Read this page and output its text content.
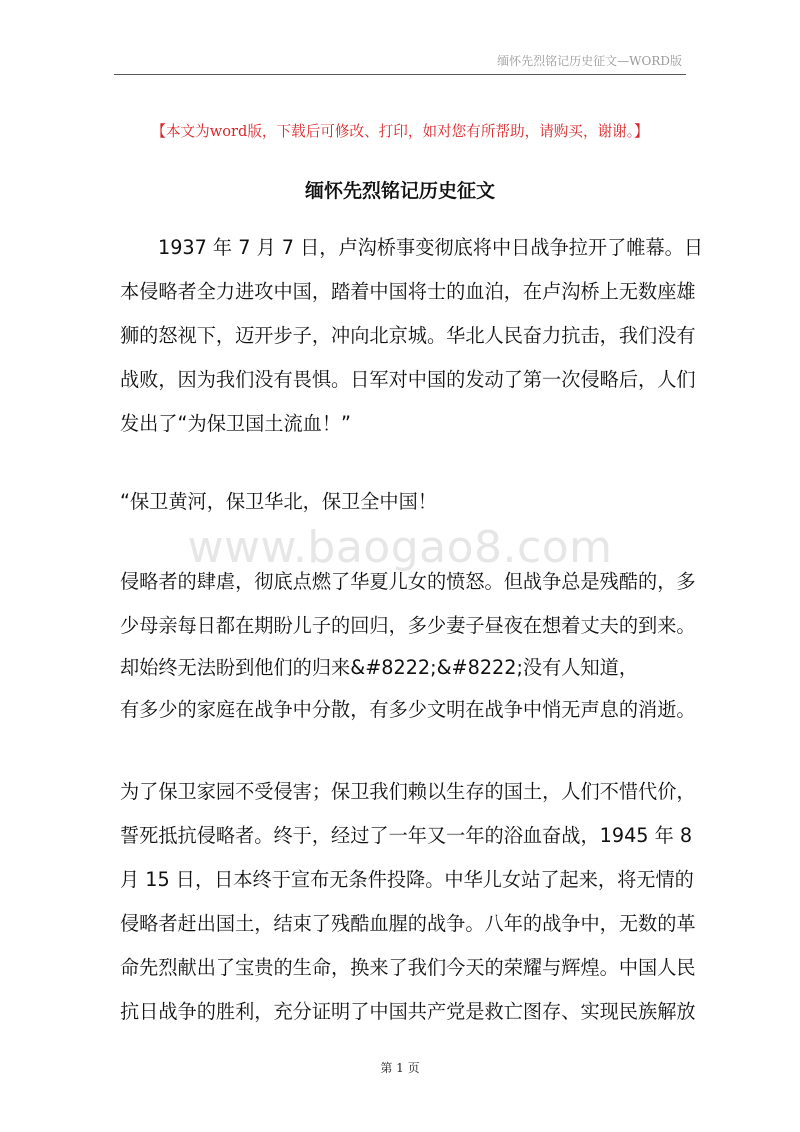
缅怀先烈铭记历史征文—WORD版
【本文为word版，下载后可修改、打印，如对您有所帮助，请购买，谢谢。】
缅怀先烈铭记历史征文
1937 年 7 月 7 日，卢沟桥事变彻底将中日战争拉开了帷幕。日
本侵略者全力进攻中国，踏着中国将士的血泊，在卢沟桥上无数座雄
狮的怒视下，迈开步子，冲向北京城。华北人民奋力抗击，我们没有
战败，因为我们没有畏惧。日军对中国的发动了第一次侵略后，人们
发出了“为保卫国土流血！”
“保卫黄河，保卫华北，保卫全中国！
www.baogao8.com
侵略者的肆虐，彻底点燃了华夏儿女的愤怒。但战争总是残酷的，多
少母亲每日都在期盼儿子的回归，多少妻子昼夜在想着丈夫的到来。
却始终无法盼到他们的归来&#8222;&#8222;没有人知道，
有多少的家庭在战争中分散，有多少文明在战争中悄无声息的消逝。
为了保卫家园不受侵害；保卫我们赖以生存的国土，人们不惜代价，
誓死抵抗侵略者。终于，经过了一年又一年的浴血奋战，1945 年 8
月 15 日，日本终于宣布无条件投降。中华儿女站了起来，将无情的
侵略者赶出国土，结束了残酷血腥的战争。八年的战争中，无数的革
命先烈献出了宝贵的生命，换来了我们今天的荣耀与辉煌。中国人民
抗日战争的胜利，充分证明了中国共产党是救亡图存、实现民族解放
第 1 页
